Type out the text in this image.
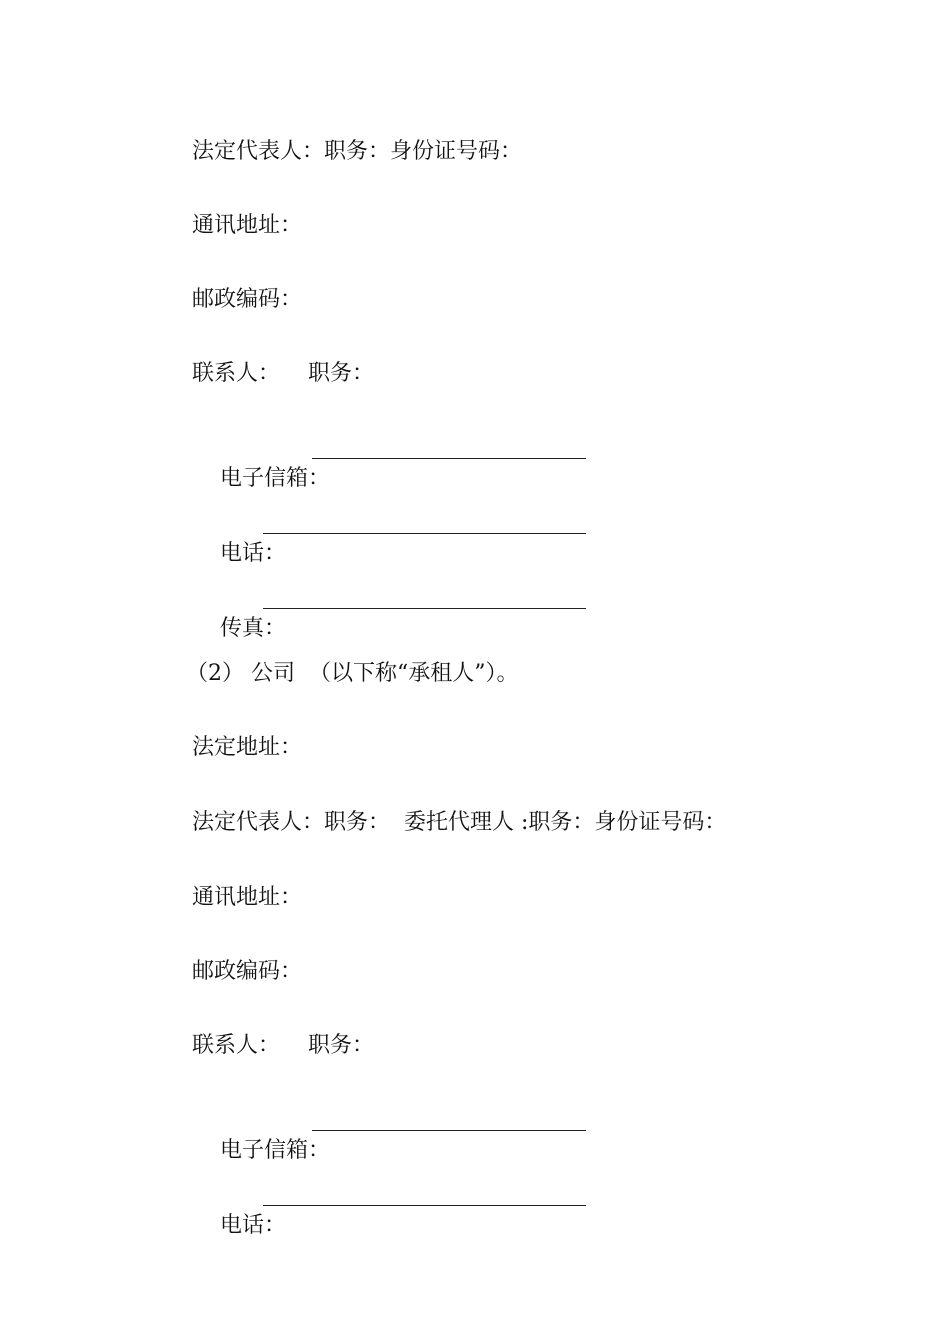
法定代表人：职务：身份证号码：
通讯地址：
邮政编码：
联系人：    职务：

电子信箱：

电话：

传真：

（2） 公司  （以下称“承租人”）。
法定地址：
法定代表人：职务：  委托代理人 :职务：身份证号码：
通讯地址：
邮政编码：
联系人：    职务：

电子信箱：

电话：
